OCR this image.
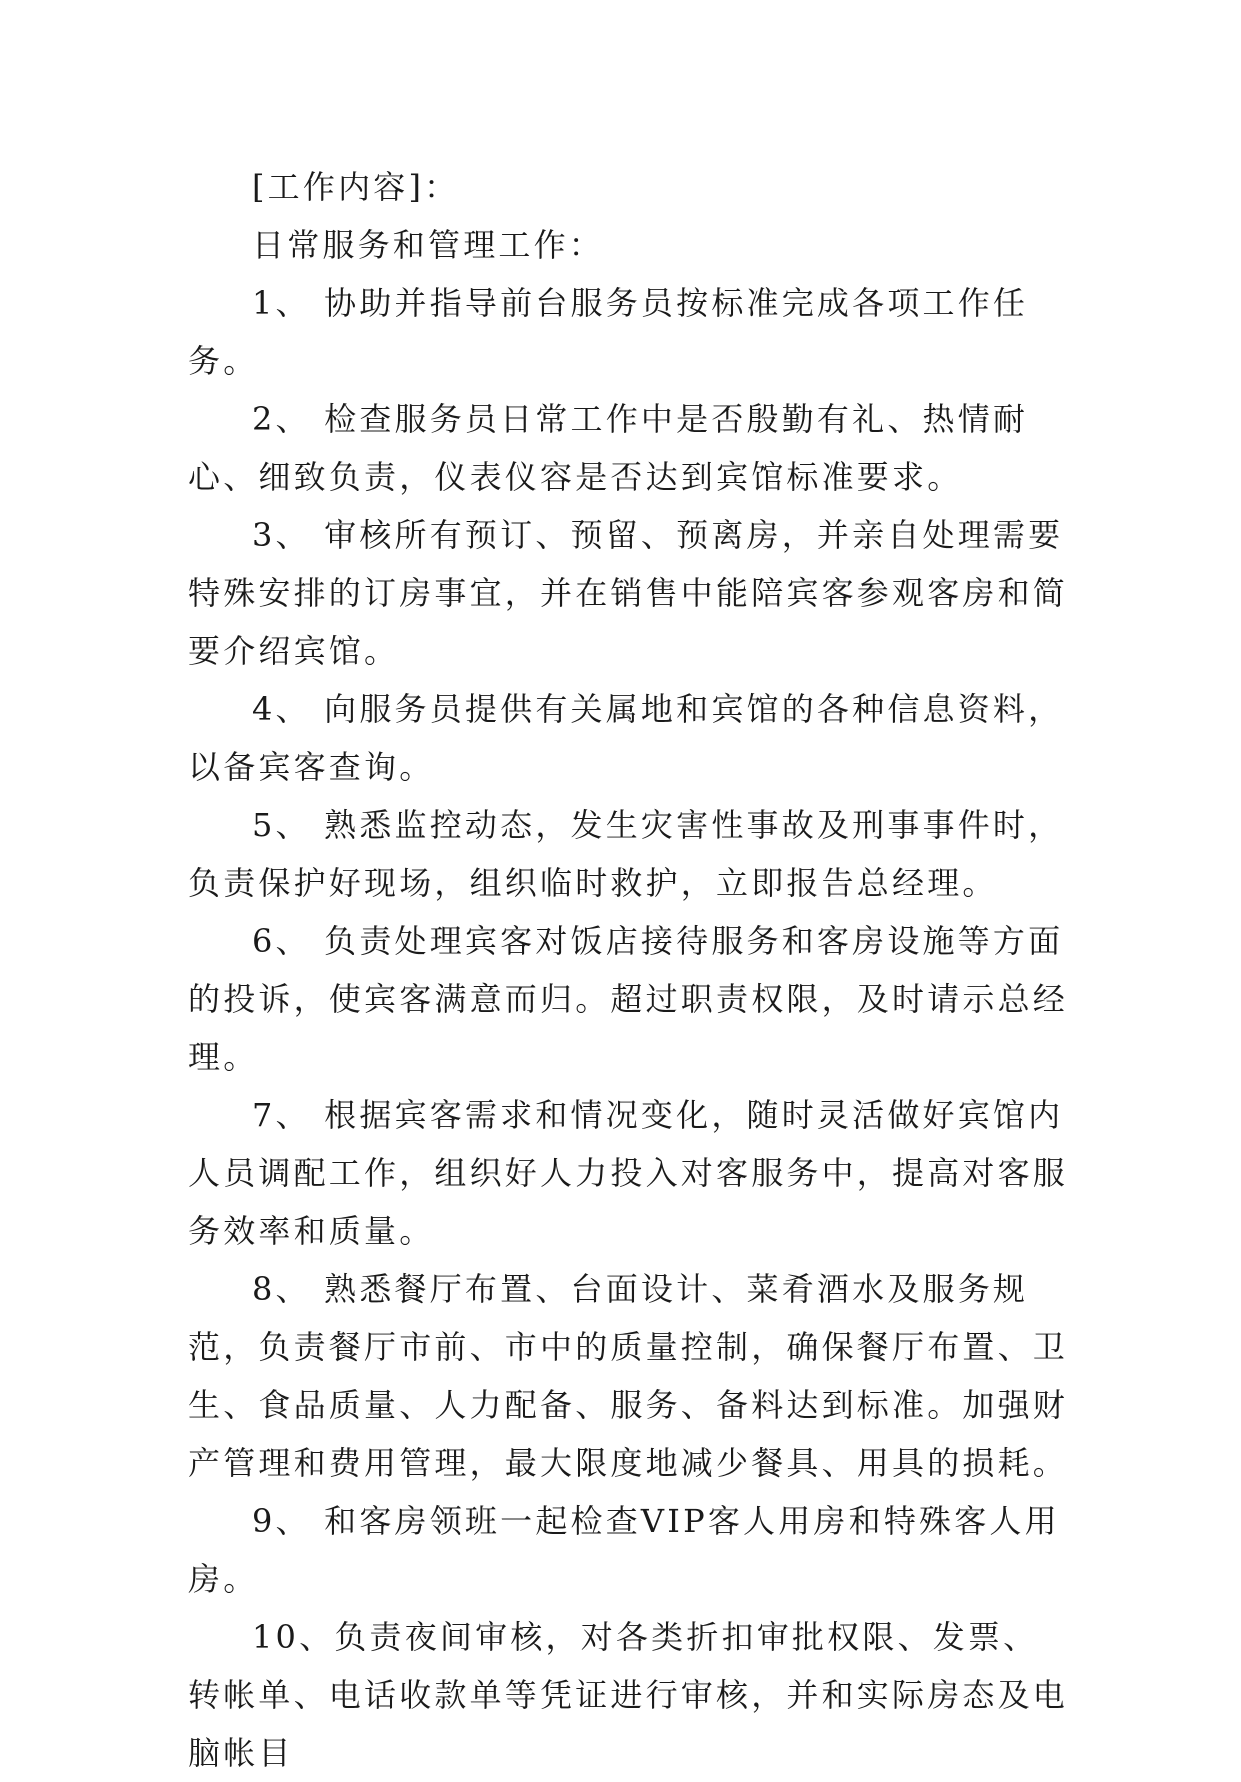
[工作内容]：

日常服务和管理工作：

1、 协助并指导前台服务员按标准完成各项工作任务。

2、 检查服务员日常工作中是否殷勤有礼、热情耐心、细致负责，仪表仪容是否达到宾馆标准要求。

3、 审核所有预订、预留、预离房，并亲自处理需要特殊安排的订房事宜，并在销售中能陪宾客参观客房和简要介绍宾馆。

4、 向服务员提供有关属地和宾馆的各种信息资料，以备宾客查询。

5、 熟悉监控动态，发生灾害性事故及刑事事件时，负责保护好现场，组织临时救护，立即报告总经理。

6、 负责处理宾客对饭店接待服务和客房设施等方面的投诉，使宾客满意而归。超过职责权限，及时请示总经理。

7、 根据宾客需求和情况变化，随时灵活做好宾馆内人员调配工作，组织好人力投入对客服务中，提高对客服务效率和质量。

8、 熟悉餐厅布置、台面设计、菜肴酒水及服务规范，负责餐厅市前、市中的质量控制，确保餐厅布置、卫生、食品质量、人力配备、服务、备料达到标准。加强财产管理和费用管理，最大限度地减少餐具、用具的损耗。

9、 和客房领班一起检查VIP客人用房和特殊客人用房。

10、负责夜间审核，对各类折扣审批权限、发票、转帐单、电话收款单等凭证进行审核，并和实际房态及电脑帐目
